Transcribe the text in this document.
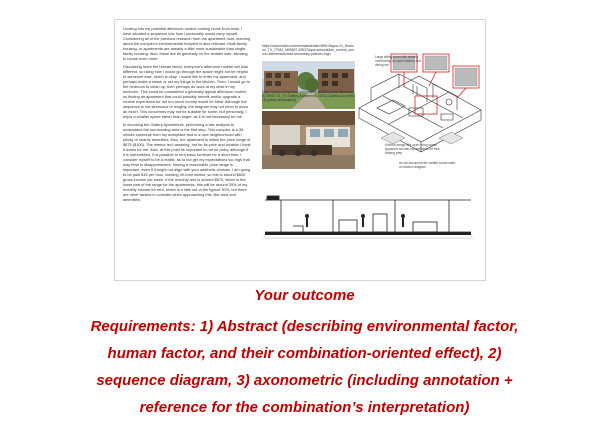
Looking into my potential afternoon routine coming home from work, I have situated a sequence into how I personally would carry myself. Considering all of the previous research from the apartment hunt, learning about the complex's environmental footprint is also relevant. Multi-family housing, or apartments are already a little more sustainable than single-family housing. Also, these are all generally on the smaller side, allowing to house even more.

Discussing more the human factor, everyone's afternoon routine will look different, so using how I would go through the space might not be helpful to someone else, which is okay. I would like to enter my apartment, and perhaps make a snack or set my things in the kitchen. Then, I would go to the bedroom to clean up, then perhaps do work at my desk in my bedroom. This could be considered a generally typical afternoon routine, so finding an apartment that could possibly benefit and/or upgrade a routine experience for not too much money would be ideal. Although the sequence is not strenuous or lengthy, the diagram may not need to show as much. This concernes may not be suitable for some, but personally, I enjoy a smaller space rather than larger, as it is not necessary for me.

In choosing the Gallery Apartments, performing a site analysis to understand the surrounding area is the first step. This complex is a 30-minute commute from my workplace and in a nice neighborhood with plenty of nearby amenities. Also, the apartment is within the price range of $875 ($100). The interior isn't amazing, but for its price and location I think it works for me. Also, at this point its important to not be picky, although if it is unfurnished, it is possible to rent basic furniture for a short time. I consider myself to be a realist, as to not get my expectations too high that may lead to disappointment. Having a reasonable price range is important, even if it might not align with your aesthetic choices. I am going to be paid $15 per hour, working 40-hour weeks, so this is around $600 gross income per week. If the monthly rent is around $875, which is the lower part of the range for the apartments, this will be around 35% of my monthly income for rent, which is a little out of the typical 30%, but there are other factors to consider when approaching this, like area and amenities.

https://www.realtor.com/rentals/details/4590-Bayou-Dr_Houston_TX_77042_M95837-63937&qst=schools&ax_current_source=elements/school-secondary-pictures-high
https://www.cubbyrental.com/makeover/3801-fiche-bitmennsel-74542-73_TX-Gallery-Apartments-72042-Galleria-Dr-rental-8 (urban-landscapes)
Large sitting room with seating overlooking an open kitchen and dining set
Kitchen design fills open living space. Apparent counter top stretches for free-flowing prep
As we document the written scene walk-on section diagram
Your outcome
Requirements: 1) Abstract (describing environmental factor,
human factor, and their combination-oriented effect), 2)
sequence diagram, 3) axonometric (including annotation +
reference for the combination’s interpretation)
